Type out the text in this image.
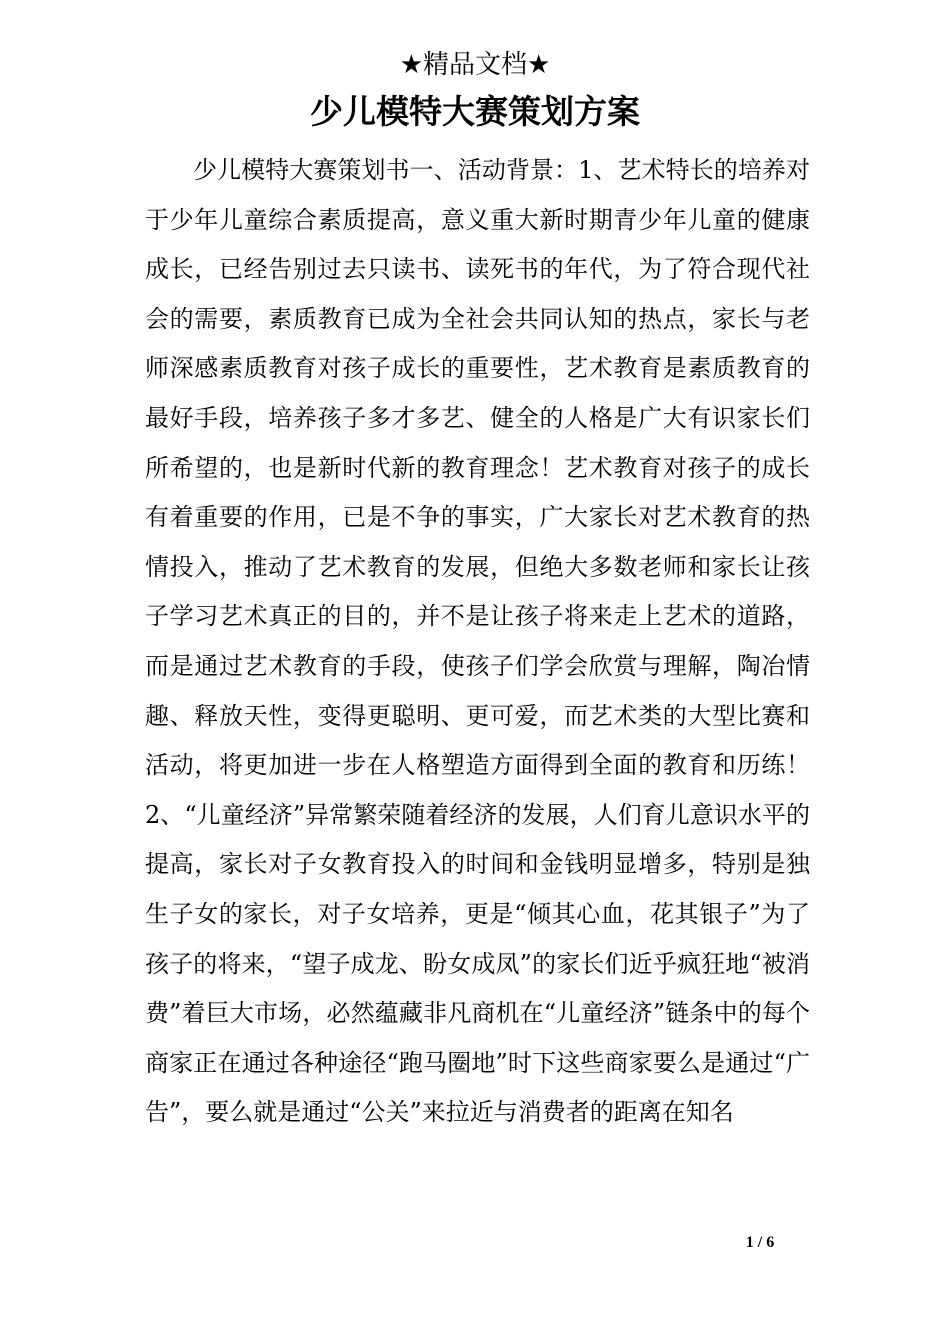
★精品文档★
少儿模特大赛策划方案

少儿模特大赛策划书一、活动背景：1、艺术特长的培养对于少年儿童综合素质提高，意义重大新时期青少年儿童的健康成长，已经告别过去只读书、读死书的年代，为了符合现代社会的需要，素质教育已成为全社会共同认知的热点，家长与老师深感素质教育对孩子成长的重要性，艺术教育是素质教育的最好手段，培养孩子多才多艺、健全的人格是广大有识家长们所希望的，也是新时代新的教育理念！艺术教育对孩子的成长有着重要的作用，已是不争的事实，广大家长对艺术教育的热情投入，推动了艺术教育的发展，但绝大多数老师和家长让孩子学习艺术真正的目的，并不是让孩子将来走上艺术的道路，而是通过艺术教育的手段，使孩子们学会欣赏与理解，陶冶情趣、释放天性，变得更聪明、更可爱，而艺术类的大型比赛和活动，将更加进一步在人格塑造方面得到全面的教育和历练！2、“儿童经济”异常繁荣随着经济的发展，人们育儿意识水平的提高，家长对子女教育投入的时间和金钱明显增多，特别是独生子女的家长，对子女培养，更是“倾其心血，花其银子”为了孩子的将来，“望子成龙、盼女成凤”的家长们近乎疯狂地“被消费”着巨大市场，必然蕴藏非凡商机在“儿童经济”链条中的每个商家正在通过各种途径“跑马圈地”时下这些商家要么是通过“广告”，要么就是通过“公关”来拉近与消费者的距离在知名

1 / 6
